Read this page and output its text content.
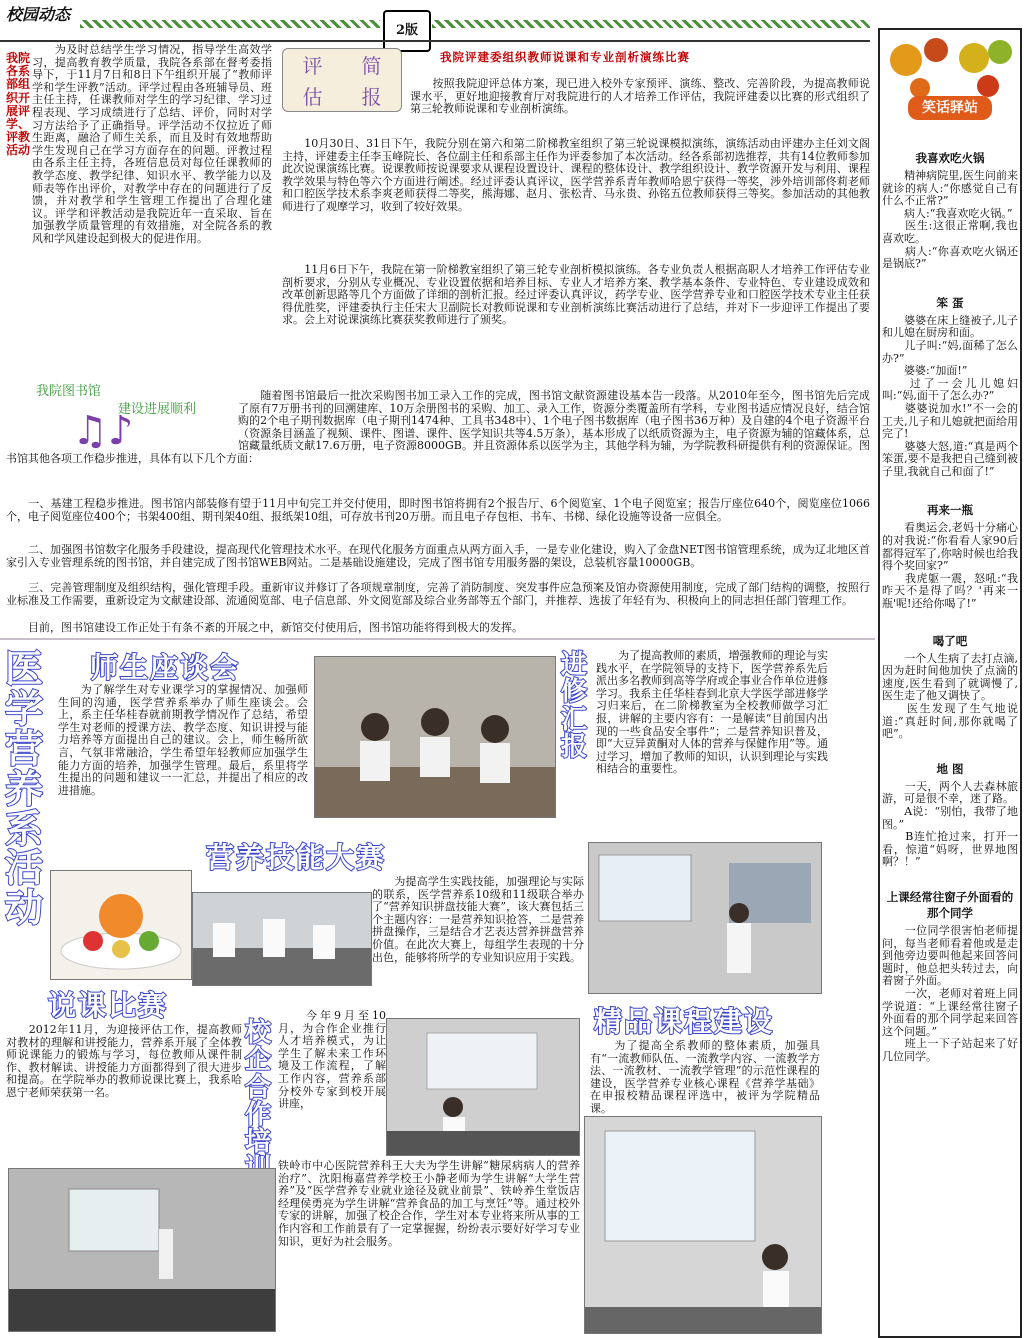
校园动态
2版
我院各系部组织开展评学、评教活动

　　为及时总结学生学习情况，指导学生高效学习，提高教育教学质量，我院各系部在督考委指导下，于11月7日和8日下午组织开展了“教师评学和学生评教”活动。评学过程由各班辅导员、班主任主持，任课教师对学生的学习纪律、学习过程表现、学习成绩进行了总结、评价，同时对学习方法给予了正确指导。评学活动不仅拉近了师生距离，融洽了师生关系，而且及时有效地帮助学生发现自己在学习方面存在的问题。评教过程由各系主任主持，各班信息员对每位任课教师的教学态度、教学纪律、知识水平、教学能力以及师表等作出评价，对教学中存在的问题进行了反馈，并对教学和学生管理工作提出了合理化建议。评学和评教活动是我院近年一直采取、旨在加强教学质量管理的有效措施，对全院各系的教风和学风建设起到极大的促进作用。

评	简
估	报
我院评建委组织教师说课和专业剖析演练比赛

　　按照我院迎评总体方案，现已进入校外专家预评、演练、整改、完善阶段，为提高教师说课水平，更好地迎接教育厅对我院进行的人才培养工作评估，我院评建委以比赛的形式组织了第三轮教师说课和专业剖析演练。

　　10月30日、31日下午，我院分别在第六和第二阶梯教室组织了第三轮说课模拟演练，演练活动由评建办主任刘文阁主持，评建委主任李玉峰院长、各位副主任和系部主任作为评委参加了本次活动。经各系部初选推荐，共有14位教师参加此次说课演练比赛。说课教师按说课要求从课程设置设计、课程的整体设计、教学组织设计、教学资源开发与利用、课程教学效果与特色等六个方面进行阐述。经过评委认真评议，医学营养系青年教师哈恩宁获得一等奖，涉外培训部佟莉老师和口腔医学技术系李爽老师获得二等奖，熊海娜、赵月、张松青、马永贵、孙铭五位教师获得三等奖。参加活动的其他教师进行了观摩学习，收到了较好效果。

　　11月6日下午，我院在第一阶梯教室组织了第三轮专业剖析模拟演练。各专业负责人根据高职人才培养工作评估专业剖析要求，分别从专业概况、专业设置依据和培养目标、专业人才培养方案、教学基本条件、专业特色、专业建设成效和改革创新思路等几个方面做了详细的剖析汇报。经过评委认真评议，药学专业、医学营养专业和口腔医学技术专业主任获得优胜奖，评建委执行主任宋大卫副院长对教师说课和专业剖析演练比赛活动进行了总结，并对下一步迎评工作提出了要求。会上对说课演练比赛获奖教师进行了颁奖。

我院图书馆
建设进展顺利
♫♪

　　随着图书馆最后一批次采购图书加工录入工作的完成，图书馆文献资源建设基本告一段落。从2010年至今，图书馆先后完成了原有7万册书刊的回溯建库、10万余册图书的采购、加工、录入工作，资源分类覆盖所有学科，专业图书适应情况良好，结合馆购的2个电子期刊数据库（电子期刊1474种、工具书348中）、1个电子图书数据库（电子图书36万种）及自建的4个电子资源平台（资源条目涵盖了视频、课件、图谱、课件、医学知识共等4.5万条），基本形成了以纸质资源为主，电子资源为辅的馆藏体系，总馆藏量纸质文献17.6万册，电子资源8000GB。并且资源体系以医学为主，其他学科为辅，为学院教科研提供有利的资源保证。图书馆其他各项工作稳步推进，具体有以下几个方面：

　　一、基建工程稳步推进。图书馆内部装修有望于11月中旬完工并交付使用，即时图书馆将拥有2个报告厅、6个阅览室、1个电子阅览室；报告厅座位640个，阅览座位1066个，电子阅览座位400个；书架400组、期刊架40组、报纸架10组，可存放书刊20万册。而且电子存包柜、书车、书梯、绿化设施等设备一应俱全。

　　二、加强图书馆数字化服务手段建设，提高现代化管理技术水平。在现代化服务方面重点从两方面入手，一是专业化建设，购入了金盘NET图书馆管理系统，成为辽北地区首家引入专业管理系统的图书馆，并自建完成了图书馆WEB网站。二是基础设施建设，完成了图书馆专用服务器的架设，总装机容量10000GB。

　　三、完善管理制度及组织结构，强化管理手段。重新审议并修订了各项规章制度，完善了消防制度、突发事件应急预案及馆办资源使用制度，完成了部门结构的调整，按照行业标准及工作需要，重新设定为文献建设部、流通阅览部、电子信息部、外文阅览部及综合业务部等五个部门，并推荐、选拔了年轻有为、积极向上的同志担任部门管理工作。

　　目前，图书馆建设工作正处于有条不紊的开展之中，新馆交付使用后，图书馆功能将得到极大的发挥。

医学营养系活动
师生座谈会

　　为了解学生对专业课学习的掌握情况、加强师生间的沟通，医学营养系举办了师生座谈会。会上，系主任华桂春就前期教学情况作了总结，希望学生对老师的授课方法、教学态度、知识讲授与能力培养等方面提出自己的建议。会上，师生畅所欲言，气氛非常融洽，学生希望年轻教师应加强学生能力方面的培养，加强学生管理。最后，系里将学生提出的问题和建议一一汇总，并提出了相应的改进措施。

进修汇报

　　为了提高教师的素质，增强教师的理论与实践水平，在学院领导的支持下，医学营养系先后派出多名教师到高等学府或企事业合作单位进修学习。我系主任华桂春到北京大学医学部进修学习归来后，在二阶梯教室为全校教师做学习汇报，讲解的主要内容有：一是解读“目前国内出现的一些食品安全事件”；二是营养知识普及，即“大豆异黄酮对人体的营养与保健作用”等。通过学习，增加了教师的知识，认识到理论与实践相结合的重要性。

营养技能大赛

　　为提高学生实践技能，加强理论与实际的联系，医学营养系10级和11级联合举办了“营养知识拼盘技能大赛”，该大赛包括三个主题内容：一是营养知识抢答，二是营养拼盘操作，三是结合才艺表达营养拼盘营养价值。在此次大赛上，每组学生表现的十分出色，能够将所学的专业知识应用于实践。

说课比赛

　　2012年11月，为迎接评估工作，提高教师对教材的理解和讲授能力，营养系开展了全体教师说课能力的锻炼与学习，每位教师从课件制作、教材解读、讲授能力方面都得到了很大进步和提高。在学院举办的教师说课比赛上，我系哈恩宁老师荣获第一名。

校企合作培

　　今年9月至10月，为合作企业推行人才培养模式，为让学生了解未来工作环境及工作流程，了解工作内容，营养系部分校外专家到校开展讲座，

精品课程建设

　　为了提高全系教师的整体素质，加强具有“一流教师队伍、一流教学内容、一流教学方法、一流教材、一流教学管理”的示范性课程的建设，医学营养专业核心课程《营养学基础》在申报校精品课程评选中，被评为学院精品课。

铁岭市中心医院营养科王大夫为学生讲解“糖尿病病人的营养治疗”、沈阳梅嘉营养学校王小静老师为学生讲解“大学生营养”及“医学营养专业就业途径及就业前景”、铁岭养生堂饭店经理侯勇亮为学生讲解“营养食品的加工与烹饪”等。通过校外专家的讲解，加强了校企合作，学生对本专业将来所从事的工作内容和工作前景有了一定掌握握，纷纷表示要好好学习专业知识，更好为社会服务。

笑话驿站

我喜欢吃火锅

　　精神病院里,医生问前来就诊的病人:“你感觉自己有什么不正常?”
　　病人:“我喜欢吃火锅。”
　　医生:这很正常啊,我也喜欢吃。
　　病人:“你喜欢吃火锅还是锅底?”

笨 蛋

　　婆婆在床上缝被子,儿子和儿媳在厨房和面。
　　儿子叫:“妈,面稀了怎么办?”
　　婆婆:“加面!”
　　过了一会儿儿媳妇叫:“妈,面干了怎么办?”
　　婆婆说加水!”不一会的工夫,儿子和儿媳就把面给用完了!
　　婆婆大怒,道:“真是两个笨蛋,要不是我把自己缝到被子里,我就自己和面了!”

再来一瓶

　　看奥运会,老妈十分痛心的对我说:“你看看人家90后都得冠军了,你啥时候也给我得个奖回家?”
　　我虎躯一震，怒吼:“我昨天不是得了吗？'再来一瓶'呢!还给你喝了!”

喝了吧

　　一个人生病了去打点滴,因为赶时间他加快了点滴的速度,医生看到了就调慢了,医生走了他又调快了。
　　医生发现了生气地说道:“真赶时间,那你就喝了吧”。

地 图

　　一天，两个人去森林旅游，可是很不幸，迷了路。
　　A说：“别怕，我带了地图。”
　　B连忙抢过来，打开一看，惊道“妈呀，世界地图啊？！”

上课经常往窗子外面看的那个同学

　　一位同学很害怕老师提问，每当老师看着他或是走到他旁边要叫他起来回答问题时，他总把头转过去，向着窗子外面。
　　一次，老师对着班上同学说道：“上课经常往窗子外面看的那个同学起来回答这个问题。”
　　班上一下子站起来了好几位同学。
